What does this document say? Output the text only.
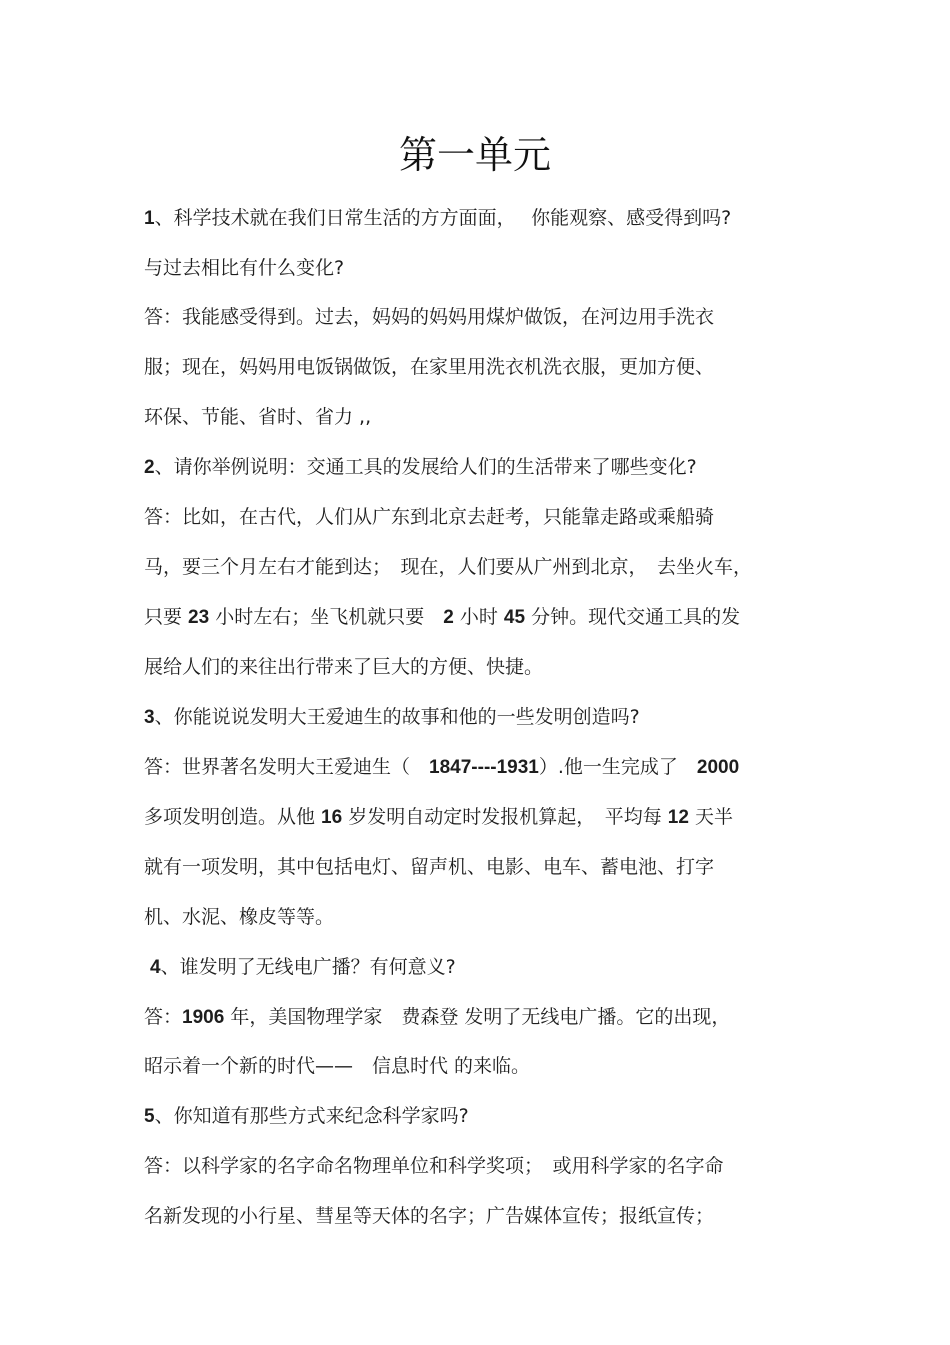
第一单元
1、科学技术就在我们日常生活的方方面面，　 你能观察、感受得到吗?
与过去相比有什么变化?
答：我能感受得到。过去，妈妈的妈妈用煤炉做饭，在河边用手洗衣
服；现在，妈妈用电饭锅做饭，在家里用洗衣机洗衣服，更加方便、
环保、节能、省时、省力 ,,
2、请你举例说明：交通工具的发展给人们的生活带来了哪些变化?
答：比如，在古代，人们从广东到北京去赶考，只能靠走路或乘船骑
马，要三个月左右才能到达；　现在，人们要从广州到北京，　去坐火车，
只要 23 小时左右；坐飞机就只要　2 小时 45 分钟。现代交通工具的发
展给人们的来往出行带来了巨大的方便、快捷。
3、你能说说发明大王爱迪生的故事和他的一些发明创造吗?
答：世界著名发明大王爱迪生（　1847----1931）.他一生完成了　2000
多项发明创造。从他 16 岁发明自动定时发报机算起，　平均每 12 天半
就有一项发明，其中包括电灯、留声机、电影、电车、蓄电池、打字
机、水泥、橡皮等等。
4、谁发明了无线电广播？有何意义?
答：1906 年，美国物理学家　费森登 发明了无线电广播。它的出现，
昭示着一个新的时代——　信息时代 的来临。
5、你知道有那些方式来纪念科学家吗?
答：以科学家的名字命名物理单位和科学奖项；　或用科学家的名字命
名新发现的小行星、彗星等天体的名字；广告媒体宣传；报纸宣传；
